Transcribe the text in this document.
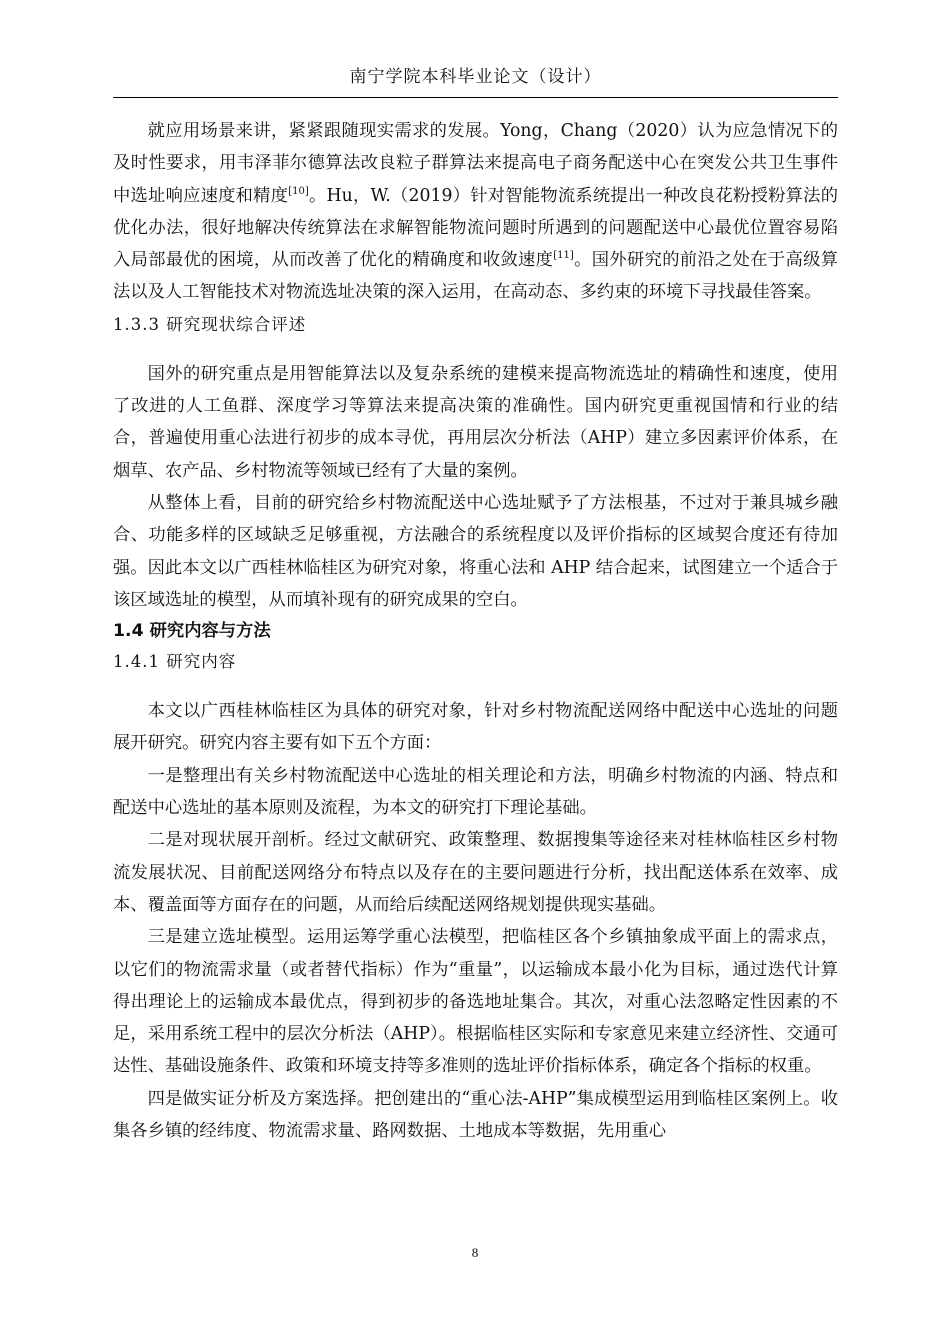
南宁学院本科毕业论文（设计）

就应用场景来讲，紧紧跟随现实需求的发展。Yong，Chang（2020）认为应急情况下的及时性要求，用韦泽菲尔德算法改良粒子群算法来提高电子商务配送中心在突发公共卫生事件中选址响应速度和精度[10]。Hu，W.（2019）针对智能物流系统提出一种改良花粉授粉算法的优化办法，很好地解决传统算法在求解智能物流问题时所遇到的问题配送中心最优位置容易陷入局部最优的困境，从而改善了优化的精确度和收敛速度[11]。国外研究的前沿之处在于高级算法以及人工智能技术对物流选址决策的深入运用，在高动态、多约束的环境下寻找最佳答案。

1.3.3 研究现状综合评述

国外的研究重点是用智能算法以及复杂系统的建模来提高物流选址的精确性和速度，使用了改进的人工鱼群、深度学习等算法来提高决策的准确性。国内研究更重视国情和行业的结合，普遍使用重心法进行初步的成本寻优，再用层次分析法（AHP）建立多因素评价体系，在烟草、农产品、乡村物流等领域已经有了大量的案例。

从整体上看，目前的研究给乡村物流配送中心选址赋予了方法根基，不过对于兼具城乡融合、功能多样的区域缺乏足够重视，方法融合的系统程度以及评价指标的区域契合度还有待加强。因此本文以广西桂林临桂区为研究对象，将重心法和 AHP 结合起来，试图建立一个适合于该区域选址的模型，从而填补现有的研究成果的空白。

1.4 研究内容与方法
1.4.1 研究内容

本文以广西桂林临桂区为具体的研究对象，针对乡村物流配送网络中配送中心选址的问题展开研究。研究内容主要有如下五个方面：

一是整理出有关乡村物流配送中心选址的相关理论和方法，明确乡村物流的内涵、特点和配送中心选址的基本原则及流程，为本文的研究打下理论基础。

二是对现状展开剖析。经过文献研究、政策整理、数据搜集等途径来对桂林临桂区乡村物流发展状况、目前配送网络分布特点以及存在的主要问题进行分析，找出配送体系在效率、成本、覆盖面等方面存在的问题，从而给后续配送网络规划提供现实基础。

三是建立选址模型。运用运筹学重心法模型，把临桂区各个乡镇抽象成平面上的需求点，以它们的物流需求量（或者替代指标）作为“重量”，以运输成本最小化为目标，通过迭代计算得出理论上的运输成本最优点，得到初步的备选地址集合。其次，对重心法忽略定性因素的不足，采用系统工程中的层次分析法（AHP）。根据临桂区实际和专家意见来建立经济性、交通可达性、基础设施条件、政策和环境支持等多准则的选址评价指标体系，确定各个指标的权重。

四是做实证分析及方案选择。把创建出的“重心法-AHP”集成模型运用到临桂区案例上。收集各乡镇的经纬度、物流需求量、路网数据、土地成本等数据，先用重心

8
